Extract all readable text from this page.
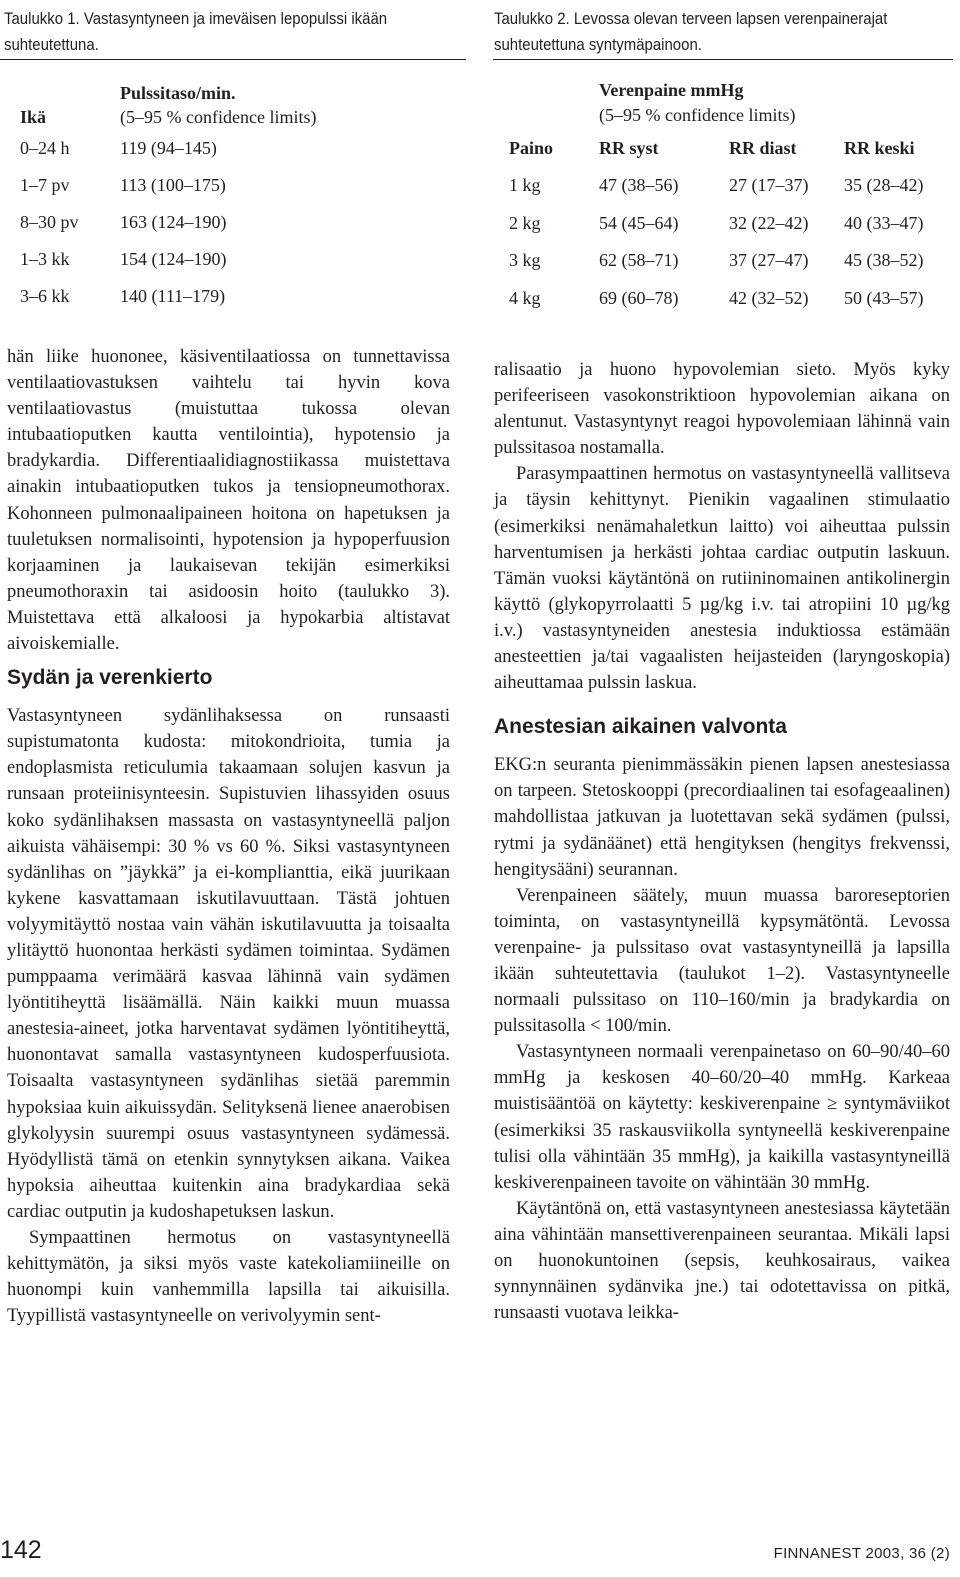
Taulukko 1. Vastasyntyneen ja imeväisen lepopulssi ikään
suhteutettuna.
Taulukko 2. Levossa olevan terveen lapsen verenpainerajat
suhteutettuna syntymäpainoon.
	Pulssitaso/min.
Ikä	(5–95 % confidence limits)
0–24 h	119 (94–145)
1–7 pv	113 (100–175)
8–30 pv	163 (124–190)
1–3 kk	154 (124–190)
3–6 kk	140 (111–179)
	Verenpaine mmHg		
	(5–95 % confidence limits)		
Paino	RR syst	RR diast	RR keski
1 kg	47 (38–56)	27 (17–37)	35 (28–42)
2 kg	54 (45–64)	32 (22–42)	40 (33–47)
3 kg	62 (58–71)	37 (27–47)	45 (38–52)
4 kg	69 (60–78)	42 (32–52)	50 (43–57)

hän liike huononee, käsiventilaatiossa on tunnettavissa ventilaatiovastuksen vaihtelu tai hyvin kova ventilaatiovastus (muistuttaa tukossa olevan intubaatioputken kautta ventilointia), hypotensio ja bradykardia. Differentiaalidiagnostiikassa muistettava ainakin intubaatioputken tukos ja tensiopneumothorax. Kohonneen pulmonaalipaineen hoitona on hapetuksen ja tuuletuksen normalisointi, hypotension ja hypoperfuusion korjaaminen ja laukaisevan tekijän esimerkiksi pneumothoraxin tai asidoosin hoito (taulukko 3). Muistettava että alkaloosi ja hypokarbia altistavat aivoiskemialle.

Sydän ja verenkierto

Vastasyntyneen sydänlihaksessa on runsaasti supistumatonta kudosta: mitokondrioita, tumia ja endoplasmista reticulumia takaamaan solujen kasvun ja runsaan proteiinisynteesin. Supistuvien lihassyiden osuus koko sydänlihaksen massasta on vastasyntyneellä paljon aikuista vähäisempi: 30 % vs 60 %. Siksi vastasyntyneen sydänlihas on ”jäykkä” ja ei-komplianttia, eikä juurikaan kykene kasvattamaan iskutilavuuttaan. Tästä johtuen volyymitäyttö nostaa vain vähän iskutilavuutta ja toisaalta ylitäyttö huonontaa herkästi sydämen toimintaa. Sydämen pumppaama verimäärä kasvaa lähinnä vain sydämen lyöntitiheyttä lisäämällä. Näin kaikki muun muassa anestesia-aineet, jotka harventavat sydämen lyöntitiheyttä, huonontavat samalla vastasyntyneen kudosperfuusiota. Toisaalta vastasyntyneen sydänlihas sietää paremmin hypoksiaa kuin aikuissydän. Selityksenä lienee anaerobisen glykolyysin suurempi osuus vastasyntyneen sydämessä. Hyödyllistä tämä on etenkin synnytyksen aikana. Vaikea hypoksia aiheuttaa kuitenkin aina bradykardiaa sekä cardiac outputin ja kudoshapetuksen laskun.

Sympaattinen hermotus on vastasyntyneellä kehittymätön, ja siksi myös vaste katekoliamiineille on huonompi kuin vanhemmilla lapsilla tai aikuisilla. Tyypillistä vastasyntyneelle on verivolyymin sent-

ralisaatio ja huono hypovolemian sieto. Myös kyky perifeeriseen vasokonstriktioon hypovolemian aikana on alentunut. Vastasyntynyt reagoi hypovolemiaan lähinnä vain pulssitasoa nostamalla.

Parasympaattinen hermotus on vastasyntyneellä vallitseva ja täysin kehittynyt. Pienikin vagaalinen stimulaatio (esimerkiksi nenämahaletkun laitto) voi aiheuttaa pulssin harventumisen ja herkästi johtaa cardiac outputin laskuun. Tämän vuoksi käytäntönä on rutiininomainen antikolinergin käyttö (glykopyrrolaatti 5 µg/kg i.v. tai atropiini 10 µg/kg i.v.) vastasyntyneiden anestesia induktiossa estämään anesteettien ja/tai vagaalisten heijasteiden (laryngoskopia) aiheuttamaa pulssin laskua.

Anestesian aikainen valvonta

EKG:n seuranta pienimmässäkin pienen lapsen anestesiassa on tarpeen. Stetoskooppi (precordiaalinen tai esofageaalinen) mahdollistaa jatkuvan ja luotettavan sekä sydämen (pulssi, rytmi ja sydänäänet) että hengityksen (hengitys frekvenssi, hengitysääni) seurannan.

Verenpaineen säätely, muun muassa baroreseptorien toiminta, on vastasyntyneillä kypsymätöntä. Levossa verenpaine- ja pulssitaso ovat vastasyntyneillä ja lapsilla ikään suhteutettavia (taulukot 1–2). Vastasyntyneelle normaali pulssitaso on 110–160/min ja bradykardia on pulssitasolla < 100/min.

Vastasyntyneen normaali verenpainetaso on 60–90/40–60 mmHg ja keskosen 40–60/20–40 mmHg. Karkeaa muistisääntöä on käytetty: keskiverenpaine ≥ syntymäviikot (esimerkiksi 35 raskausviikolla syntyneellä keskiverenpaine tulisi olla vähintään 35 mmHg), ja kaikilla vastasyntyneillä keskiverenpaineen tavoite on vähintään 30 mmHg.

Käytäntönä on, että vastasyntyneen anestesiassa käytetään aina vähintään mansettiverenpaineen seurantaa. Mikäli lapsi on huonokuntoinen (sepsis, keuhkosairaus, vaikea synnynnäinen sydänvika jne.) tai odotettavissa on pitkä, runsaasti vuotava leikka-

142	FINNANEST 2003, 36 (2)
